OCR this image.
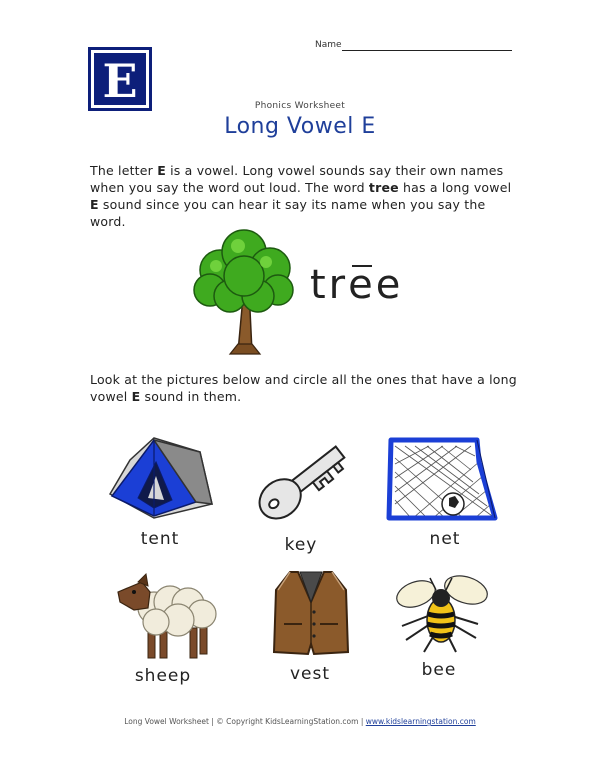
E
Name
Phonics Worksheet
Long Vowel E
The letter E is a vowel. Long vowel sounds say their own names when you say the word out loud. The word tree has a long vowel E sound since you can hear it say its name when you say the word.
tree
Look at the pictures below and circle all the ones that have a long vowel E sound in them.
tent	key	net
sheep	vest	bee
Long Vowel Worksheet | © Copyright KidsLearningStation.com | www.kidslearningstation.com
